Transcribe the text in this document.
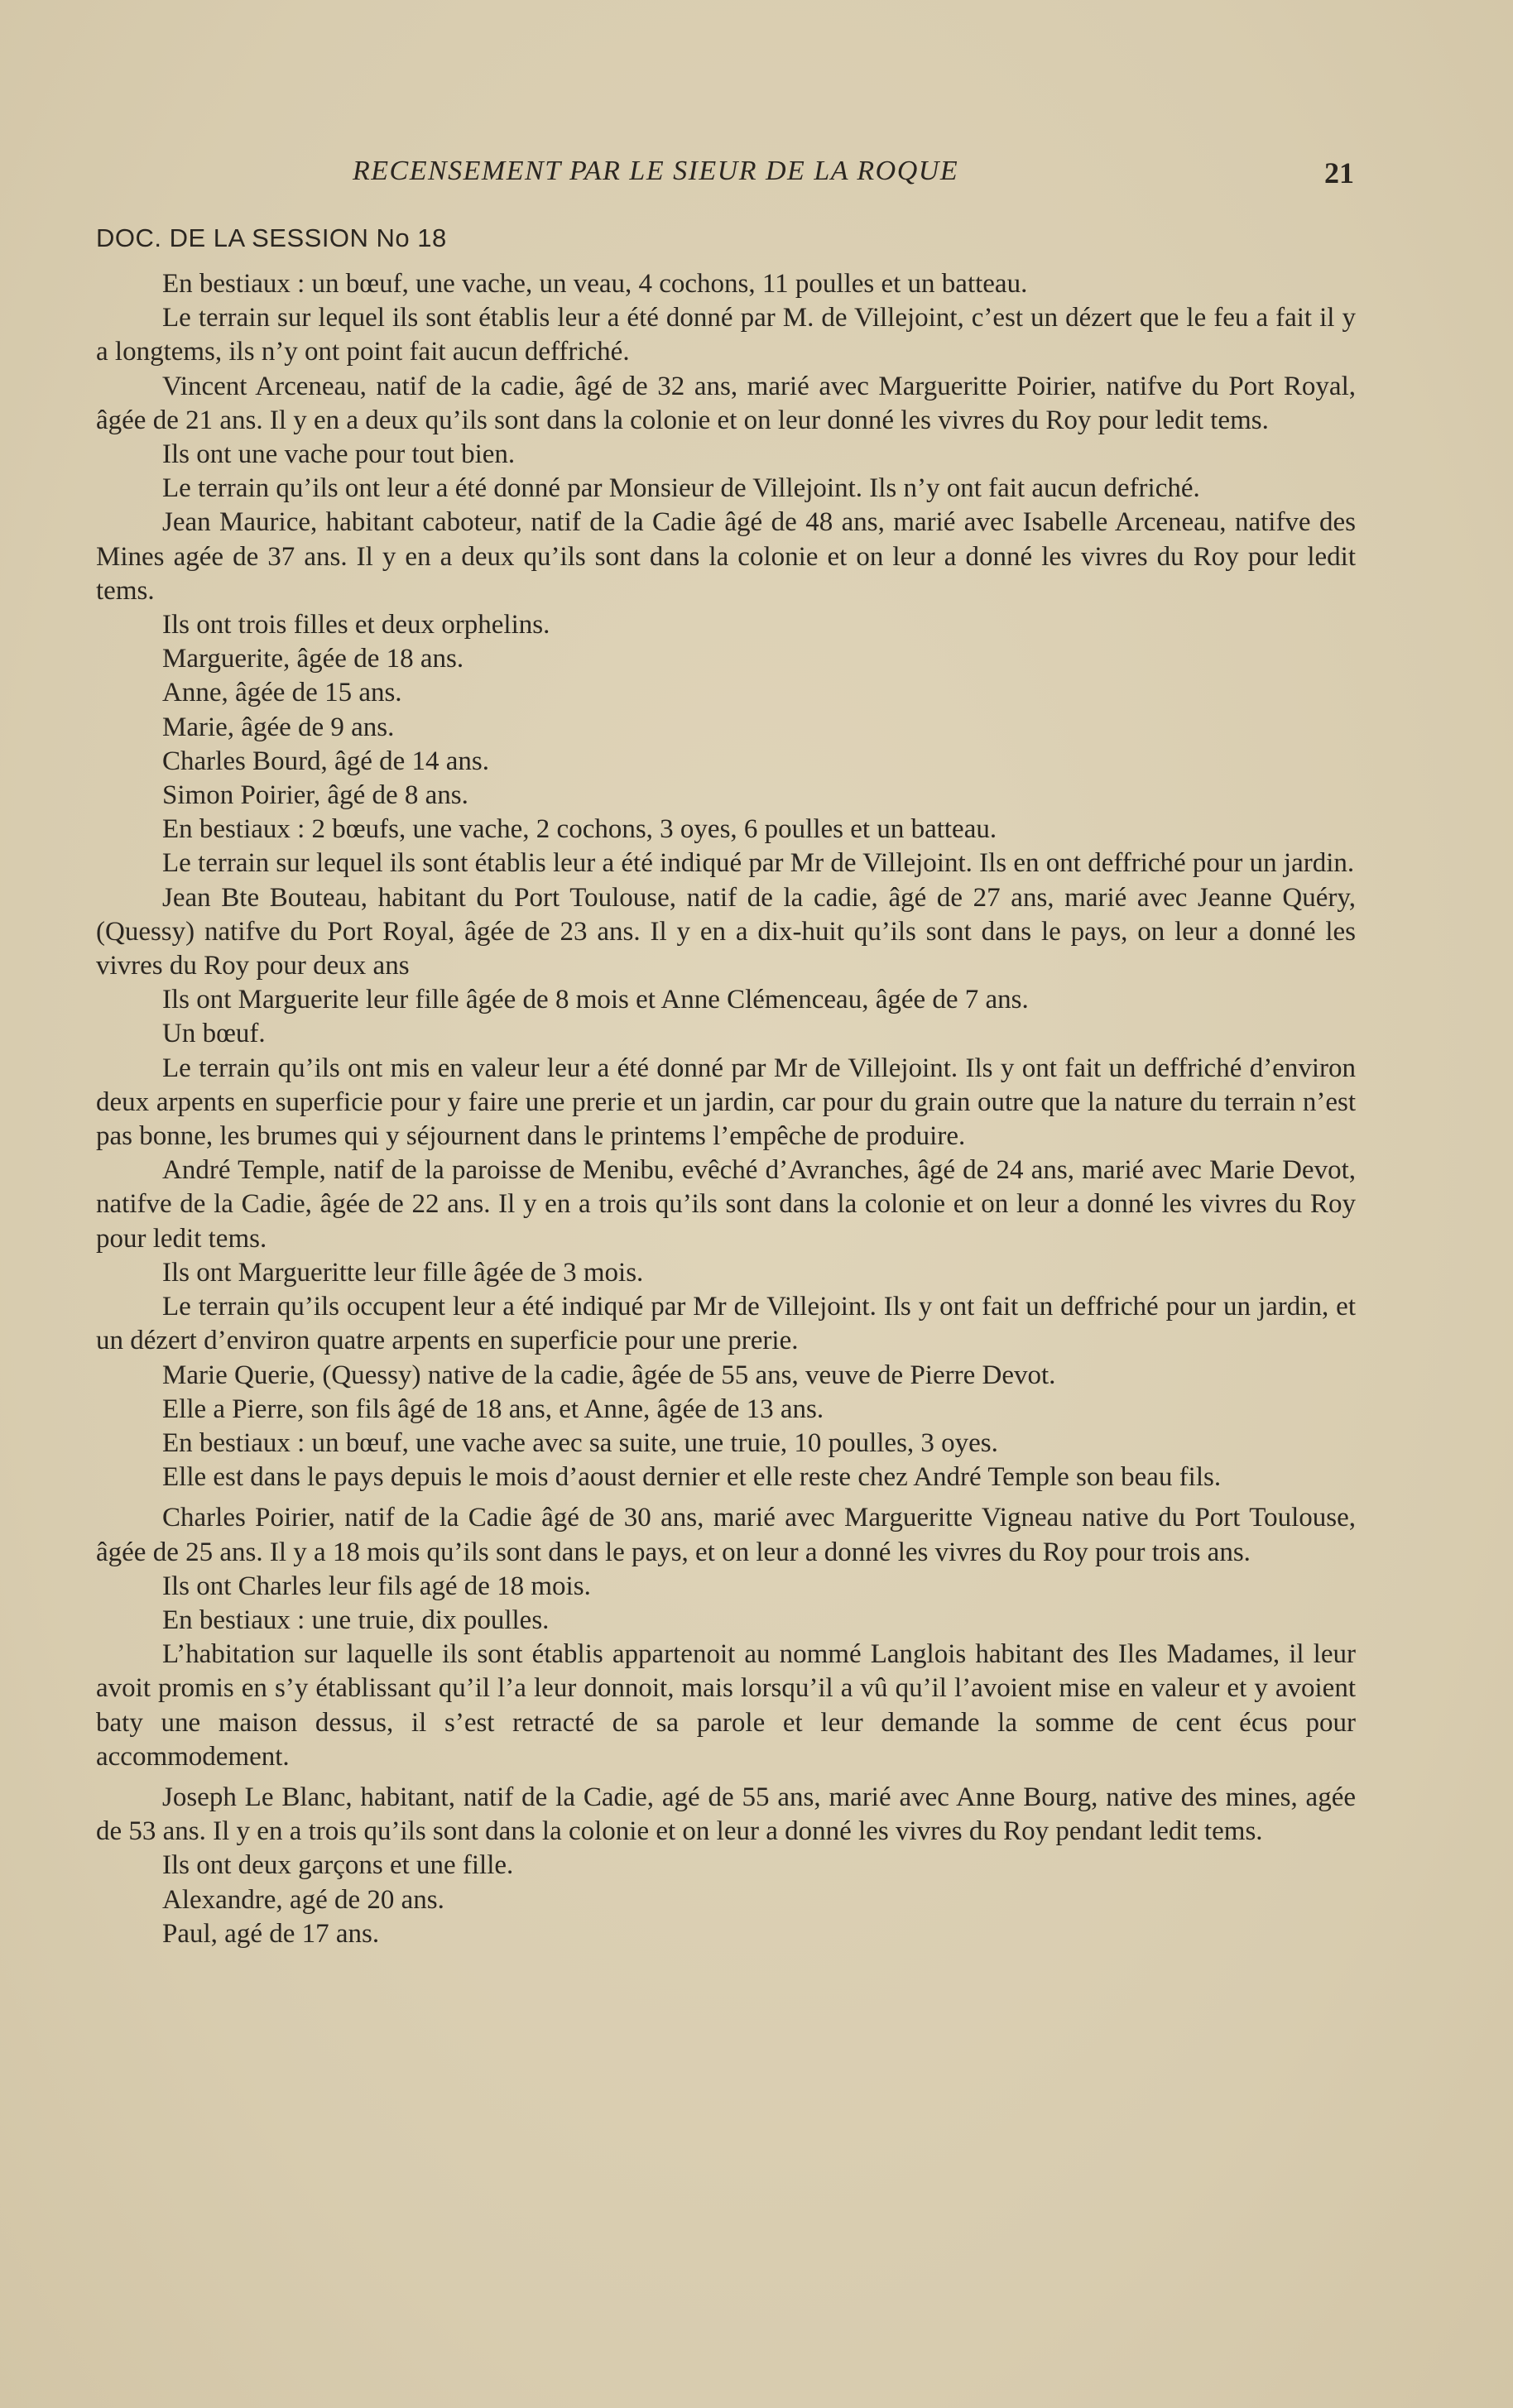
RECENSEMENT PAR LE SIEUR DE LA ROQUE	21
DOC. DE LA SESSION No 18

En bestiaux : un bœuf, une vache, un veau, 4 cochons, 11 poulles et un batteau.

Le terrain sur lequel ils sont établis leur a été donné par M. de Villejoint, c’est un dézert que le feu a fait il y a longtems, ils n’y ont point fait aucun deffriché.

Vincent Arceneau, natif de la cadie, âgé de 32 ans, marié avec Margueritte Poirier, natifve du Port Royal, âgée de 21 ans. Il y en a deux qu’ils sont dans la colonie et on leur donné les vivres du Roy pour ledit tems.

Ils ont une vache pour tout bien.

Le terrain qu’ils ont leur a été donné par Monsieur de Villejoint. Ils n’y ont fait aucun defriché.

Jean Maurice, habitant caboteur, natif de la Cadie âgé de 48 ans, marié avec Isabelle Arceneau, natifve des Mines agée de 37 ans. Il y en a deux qu’ils sont dans la colonie et on leur a donné les vivres du Roy pour ledit tems.

Ils ont trois filles et deux orphelins.

Marguerite, âgée de 18 ans.

Anne, âgée de 15 ans.

Marie, âgée de 9 ans.

Charles Bourd, âgé de 14 ans.

Simon Poirier, âgé de 8 ans.

En bestiaux : 2 bœufs, une vache, 2 cochons, 3 oyes, 6 poulles et un batteau.

Le terrain sur lequel ils sont établis leur a été indiqué par Mr de Villejoint. Ils en ont deffriché pour un jardin.

Jean Bte Bouteau, habitant du Port Toulouse, natif de la cadie, âgé de 27 ans, marié avec Jeanne Quéry, (Quessy) natifve du Port Royal, âgée de 23 ans. Il y en a dix-huit qu’ils sont dans le pays, on leur a donné les vivres du Roy pour deux ans

Ils ont Marguerite leur fille âgée de 8 mois et Anne Clémenceau, âgée de 7 ans.

Un bœuf.

Le terrain qu’ils ont mis en valeur leur a été donné par Mr de Villejoint. Ils y ont fait un deffriché d’environ deux arpents en superficie pour y faire une prerie et un jardin, car pour du grain outre que la nature du terrain n’est pas bonne, les brumes qui y séjournent dans le printems l’empêche de produire.

André Temple, natif de la paroisse de Menibu, evêché d’Avranches, âgé de 24 ans, marié avec Marie Devot, natifve de la Cadie, âgée de 22 ans. Il y en a trois qu’ils sont dans la colonie et on leur a donné les vivres du Roy pour ledit tems.

Ils ont Margueritte leur fille âgée de 3 mois.

Le terrain qu’ils occupent leur a été indiqué par Mr de Villejoint. Ils y ont fait un deffriché pour un jardin, et un dézert d’environ quatre arpents en superficie pour une prerie.

Marie Querie, (Quessy) native de la cadie, âgée de 55 ans, veuve de Pierre Devot.

Elle a Pierre, son fils âgé de 18 ans, et Anne, âgée de 13 ans.

En bestiaux : un bœuf, une vache avec sa suite, une truie, 10 poulles, 3 oyes.

Elle est dans le pays depuis le mois d’aoust dernier et elle reste chez André Temple son beau fils.

Charles Poirier, natif de la Cadie âgé de 30 ans, marié avec Margueritte Vigneau native du Port Toulouse, âgée de 25 ans. Il y a 18 mois qu’ils sont dans le pays, et on leur a donné les vivres du Roy pour trois ans.

Ils ont Charles leur fils agé de 18 mois.

En bestiaux : une truie, dix poulles.

L’habitation sur laquelle ils sont établis appartenoit au nommé Langlois habitant des Iles Madames, il leur avoit promis en s’y établissant qu’il l’a leur donnoit, mais lorsqu’il a vû qu’il l’avoient mise en valeur et y avoient baty une maison dessus, il s’est retracté de sa parole et leur demande la somme de cent écus pour accommodement.

Joseph Le Blanc, habitant, natif de la Cadie, agé de 55 ans, marié avec Anne Bourg, native des mines, agée de 53 ans. Il y en a trois qu’ils sont dans la colonie et on leur a donné les vivres du Roy pendant ledit tems.

Ils ont deux garçons et une fille.

Alexandre, agé de 20 ans.

Paul, agé de 17 ans.
